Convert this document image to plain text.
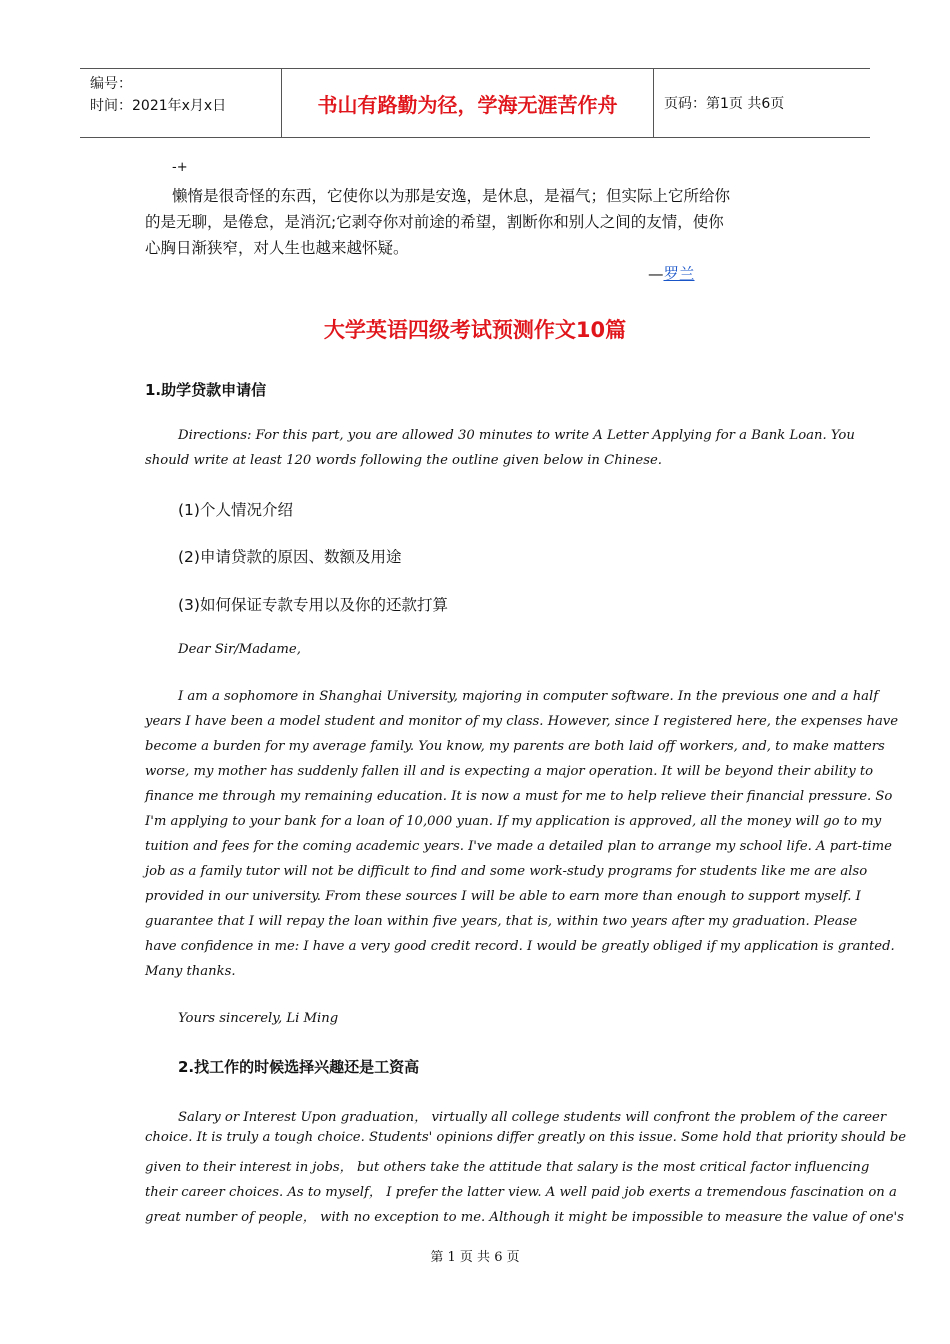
编号：
时间：2021年x月x日	书山有路勤为径，学海无涯苦作舟	页码：第1页 共6页
-+
懒惰是很奇怪的东西，它使你以为那是安逸，是休息，是福气；但实际上它所给你
的是无聊，是倦怠，是消沉;它剥夺你对前途的希望，割断你和别人之间的友情，使你
心胸日渐狭窄，对人生也越来越怀疑。
—罗兰
大学英语四级考试预测作文10篇
1.助学贷款申请信
Directions: For this part, you are allowed 30 minutes to write A Letter Applying for a Bank Loan. You
should write at least 120 words following the outline given below in Chinese.
(1)个人情况介绍
(2)申请贷款的原因、数额及用途
(3)如何保证专款专用以及你的还款打算
Dear Sir/Madame,
I am a sophomore in Shanghai University, majoring in computer software. In the previous one and a half
years I have been a model student and monitor of my class. However, since I registered here, the expenses have
become a burden for my average family. You know, my parents are both laid off workers, and, to make matters
worse, my mother has suddenly fallen ill and is expecting a major operation. It will be beyond their ability to
finance me through my remaining education. It is now a must for me to help relieve their financial pressure. So
I'm applying to your bank for a loan of 10,000 yuan. If my application is approved, all the money will go to my
tuition and fees for the coming academic years. I've made a detailed plan to arrange my school life. A part-time
job as a family tutor will not be difficult to find and some work-study programs for students like me are also
provided in our university. From these sources I will be able to earn more than enough to support myself. I
guarantee that I will repay the loan within five years, that is, within two years after my graduation. Please
have confidence in me: I have a very good credit record. I would be greatly obliged if my application is granted.
Many thanks.
Yours sincerely, Li Ming
2.找工作的时候选择兴趣还是工资高
Salary or Interest Upon graduation， virtually all college students will confront the problem of the career
choice. It is truly a tough choice. Students' opinions differ greatly on this issue. Some hold that priority should be
given to their interest in jobs， but others take the attitude that salary is the most critical factor influencing
their career choices. As to myself， I prefer the latter view. A well paid job exerts a tremendous fascination on a
great number of people， with no exception to me. Although it might be impossible to measure the value of one's
第 1 页 共 6 页
